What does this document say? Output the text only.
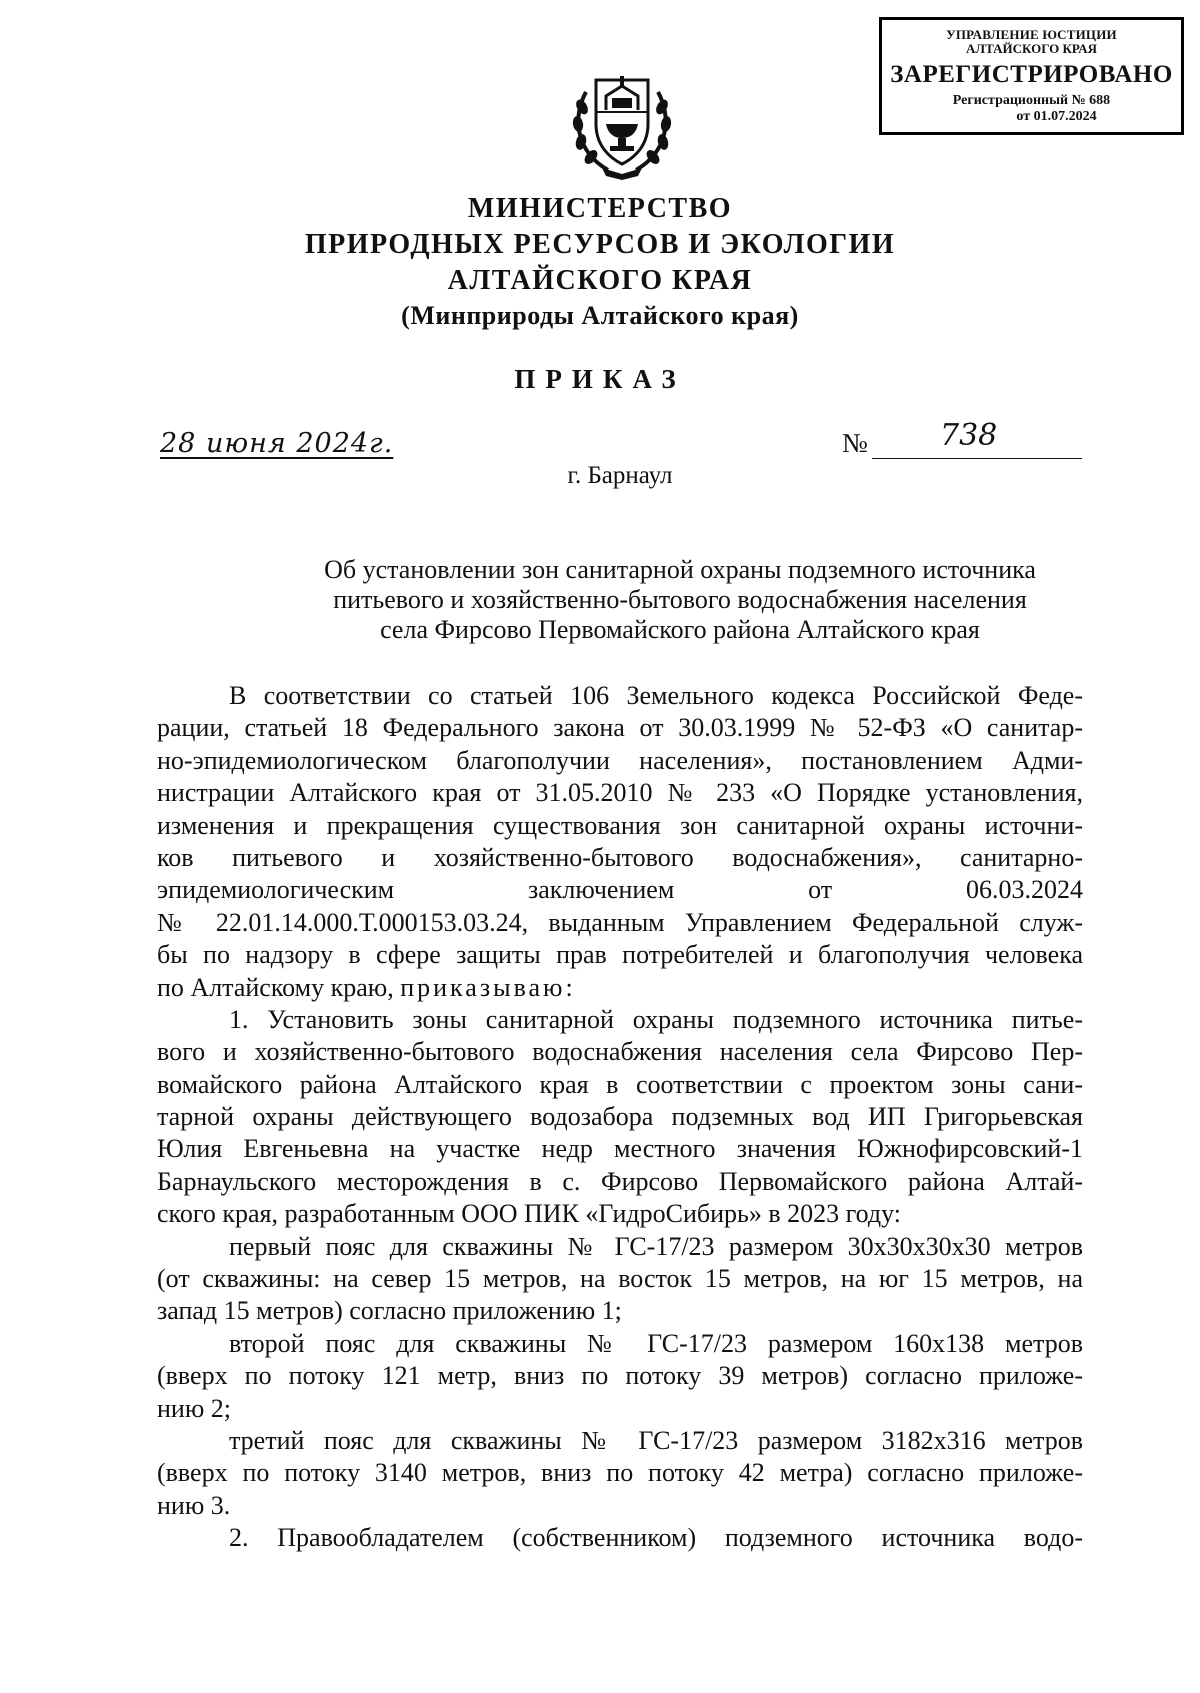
УПРАВЛЕНИЕ ЮСТИЦИИ
АЛТАЙСКОГО КРАЯ
ЗАРЕГИСТРИРОВАНО
Регистрационный № 688
от 01.07.2024
МИНИСТЕРСТВО
ПРИРОДНЫХ РЕСУРСОВ И ЭКОЛОГИИ
АЛТАЙСКОГО КРАЯ
(Минприроды Алтайского края)
ПРИКАЗ
28 июня 2024г.	№ 738
г. Барнаул
Об установлении зон санитарной охраны подземного источника
питьевого и хозяйственно-бытового водоснабжения населения
села Фирсово Первомайского района Алтайского края
В соответствии со статьей 106 Земельного кодекса Российской Феде-
рации, статьей 18 Федерального закона от 30.03.1999 № 52-ФЗ «О санитар-
но-эпидемиологическом благополучии населения», постановлением Адми-
нистрации Алтайского края от 31.05.2010 № 233 «О Порядке установления,
изменения и прекращения существования зон санитарной охраны источни-
ков питьевого и хозяйственно-бытового водоснабжения», санитарно-
эпидемиологическим заключением от 06.03.2024
№ 22.01.14.000.Т.000153.03.24, выданным Управлением Федеральной служ-
бы по надзору в сфере защиты прав потребителей и благополучия человека
по Алтайскому краю, приказываю:
1. Установить зоны санитарной охраны подземного источника питье-
вого и хозяйственно-бытового водоснабжения населения села Фирсово Пер-
вомайского района Алтайского края в соответствии с проектом зоны сани-
тарной охраны действующего водозабора подземных вод ИП Григорьевская
Юлия Евгеньевна на участке недр местного значения Южнофирсовский-1
Барнаульского месторождения в с. Фирсово Первомайского района Алтай-
ского края, разработанным ООО ПИК «ГидроСибирь» в 2023 году:
первый пояс для скважины № ГС-17/23 размером 30х30х30х30 метров
(от скважины: на север 15 метров, на восток 15 метров, на юг 15 метров, на
запад 15 метров) согласно приложению 1;
второй пояс для скважины № ГС-17/23 размером 160х138 метров
(вверх по потоку 121 метр, вниз по потоку 39 метров) согласно приложе-
нию 2;
третий пояс для скважины № ГС-17/23 размером 3182х316 метров
(вверх по потоку 3140 метров, вниз по потоку 42 метра) согласно приложе-
нию 3.
2. Правообладателем (собственником) подземного источника водо-
